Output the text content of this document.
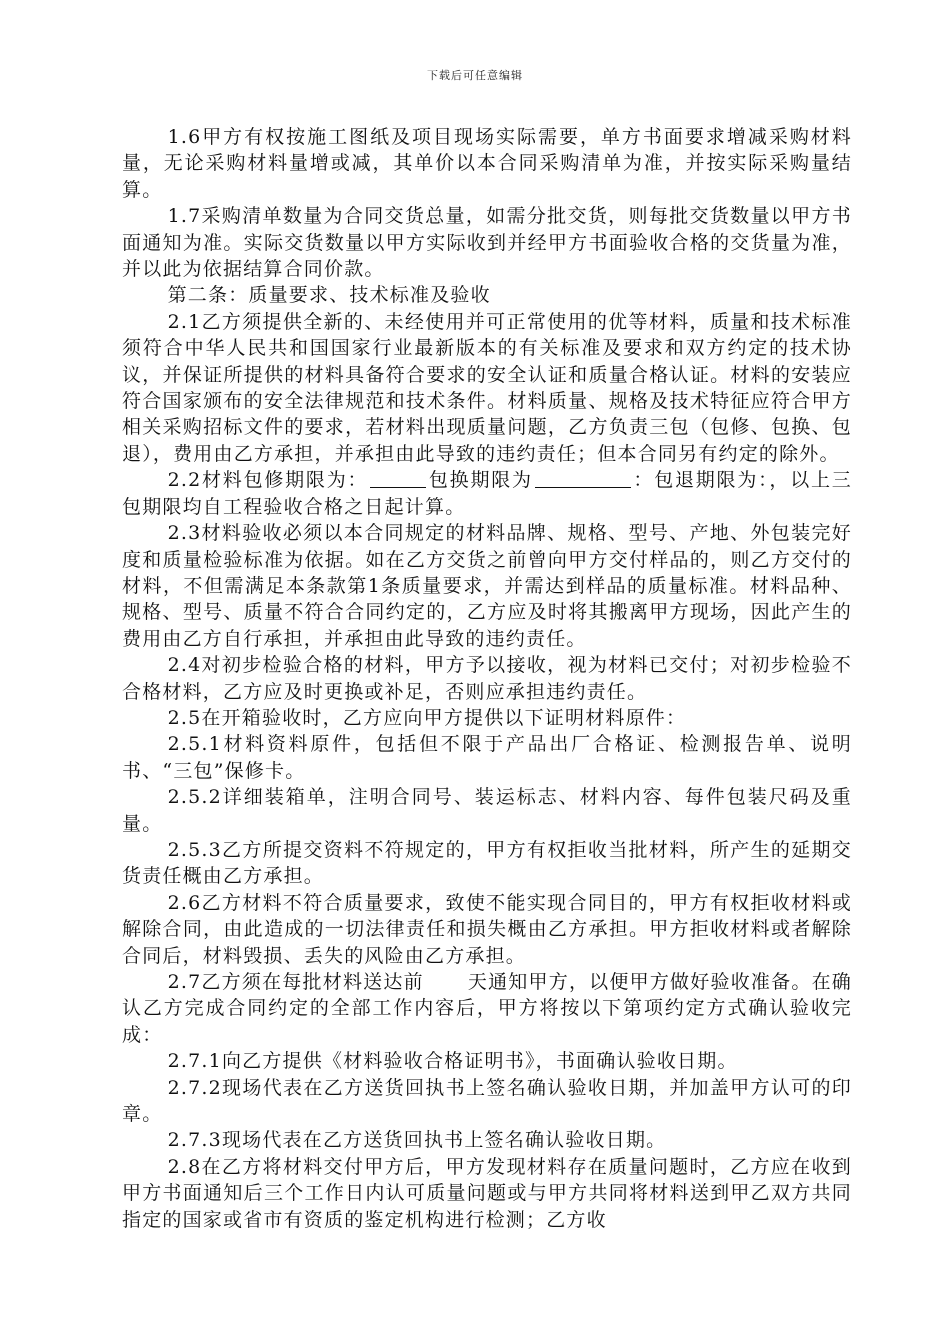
下载后可任意编辑

1.6甲方有权按施工图纸及项目现场实际需要，单方书面要求增减采购材料量，无论采购材料量增或减，其单价以本合同采购清单为准，并按实际采购量结算。

1.7采购清单数量为合同交货总量，如需分批交货，则每批交货数量以甲方书面通知为准。实际交货数量以甲方实际收到并经甲方书面验收合格的交货量为准，并以此为依据结算合同价款。

第二条：质量要求、技术标准及验收

2.1乙方须提供全新的、未经使用并可正常使用的优等材料，质量和技术标准须符合中华人民共和国国家行业最新版本的有关标准及要求和双方约定的技术协议，并保证所提供的材料具备符合要求的安全认证和质量合格认证。材料的安装应符合国家颁布的安全法律规范和技术条件。材料质量、规格及技术特征应符合甲方相关采购招标文件的要求，若材料出现质量问题，乙方负责三包（包修、包换、包退），费用由乙方承担，并承担由此导致的违约责任；但本合同另有约定的除外。

2.2材料包修期限为：	包换期限为	：包退期限为：，以上三包期限均自工程验收合格之日起计算。

2.3材料验收必须以本合同规定的材料品牌、规格、型号、产地、外包装完好度和质量检验标准为依据。如在乙方交货之前曾向甲方交付样品的，则乙方交付的材料，不但需满足本条款第1条质量要求，并需达到样品的质量标准。材料品种、规格、型号、质量不符合合同约定的，乙方应及时将其搬离甲方现场，因此产生的费用由乙方自行承担，并承担由此导致的违约责任。

2.4对初步检验合格的材料，甲方予以接收，视为材料已交付；对初步检验不合格材料，乙方应及时更换或补足，否则应承担违约责任。

2.5在开箱验收时，乙方应向甲方提供以下证明材料原件：

2.5.1材料资料原件，包括但不限于产品出厂合格证、检测报告单、说明书、“三包”保修卡。

2.5.2详细装箱单，注明合同号、装运标志、材料内容、每件包装尺码及重量。

2.5.3乙方所提交资料不符规定的，甲方有权拒收当批材料，所产生的延期交货责任概由乙方承担。

2.6乙方材料不符合质量要求，致使不能实现合同目的，甲方有权拒收材料或解除合同，由此造成的一切法律责任和损失概由乙方承担。甲方拒收材料或者解除合同后，材料毁损、丢失的风险由乙方承担。

2.7乙方须在每批材料送达前 天通知甲方，以便甲方做好验收准备。在确认乙方完成合同约定的全部工作内容后，甲方将按以下第项约定方式确认验收完成：

2.7.1向乙方提供《材料验收合格证明书》，书面确认验收日期。

2.7.2现场代表在乙方送货回执书上签名确认验收日期，并加盖甲方认可的印章。

2.7.3现场代表在乙方送货回执书上签名确认验收日期。

2.8在乙方将材料交付甲方后，甲方发现材料存在质量问题时，乙方应在收到甲方书面通知后三个工作日内认可质量问题或与甲方共同将材料送到甲乙双方共同指定的国家或省市有资质的鉴定机构进行检测；乙方收
